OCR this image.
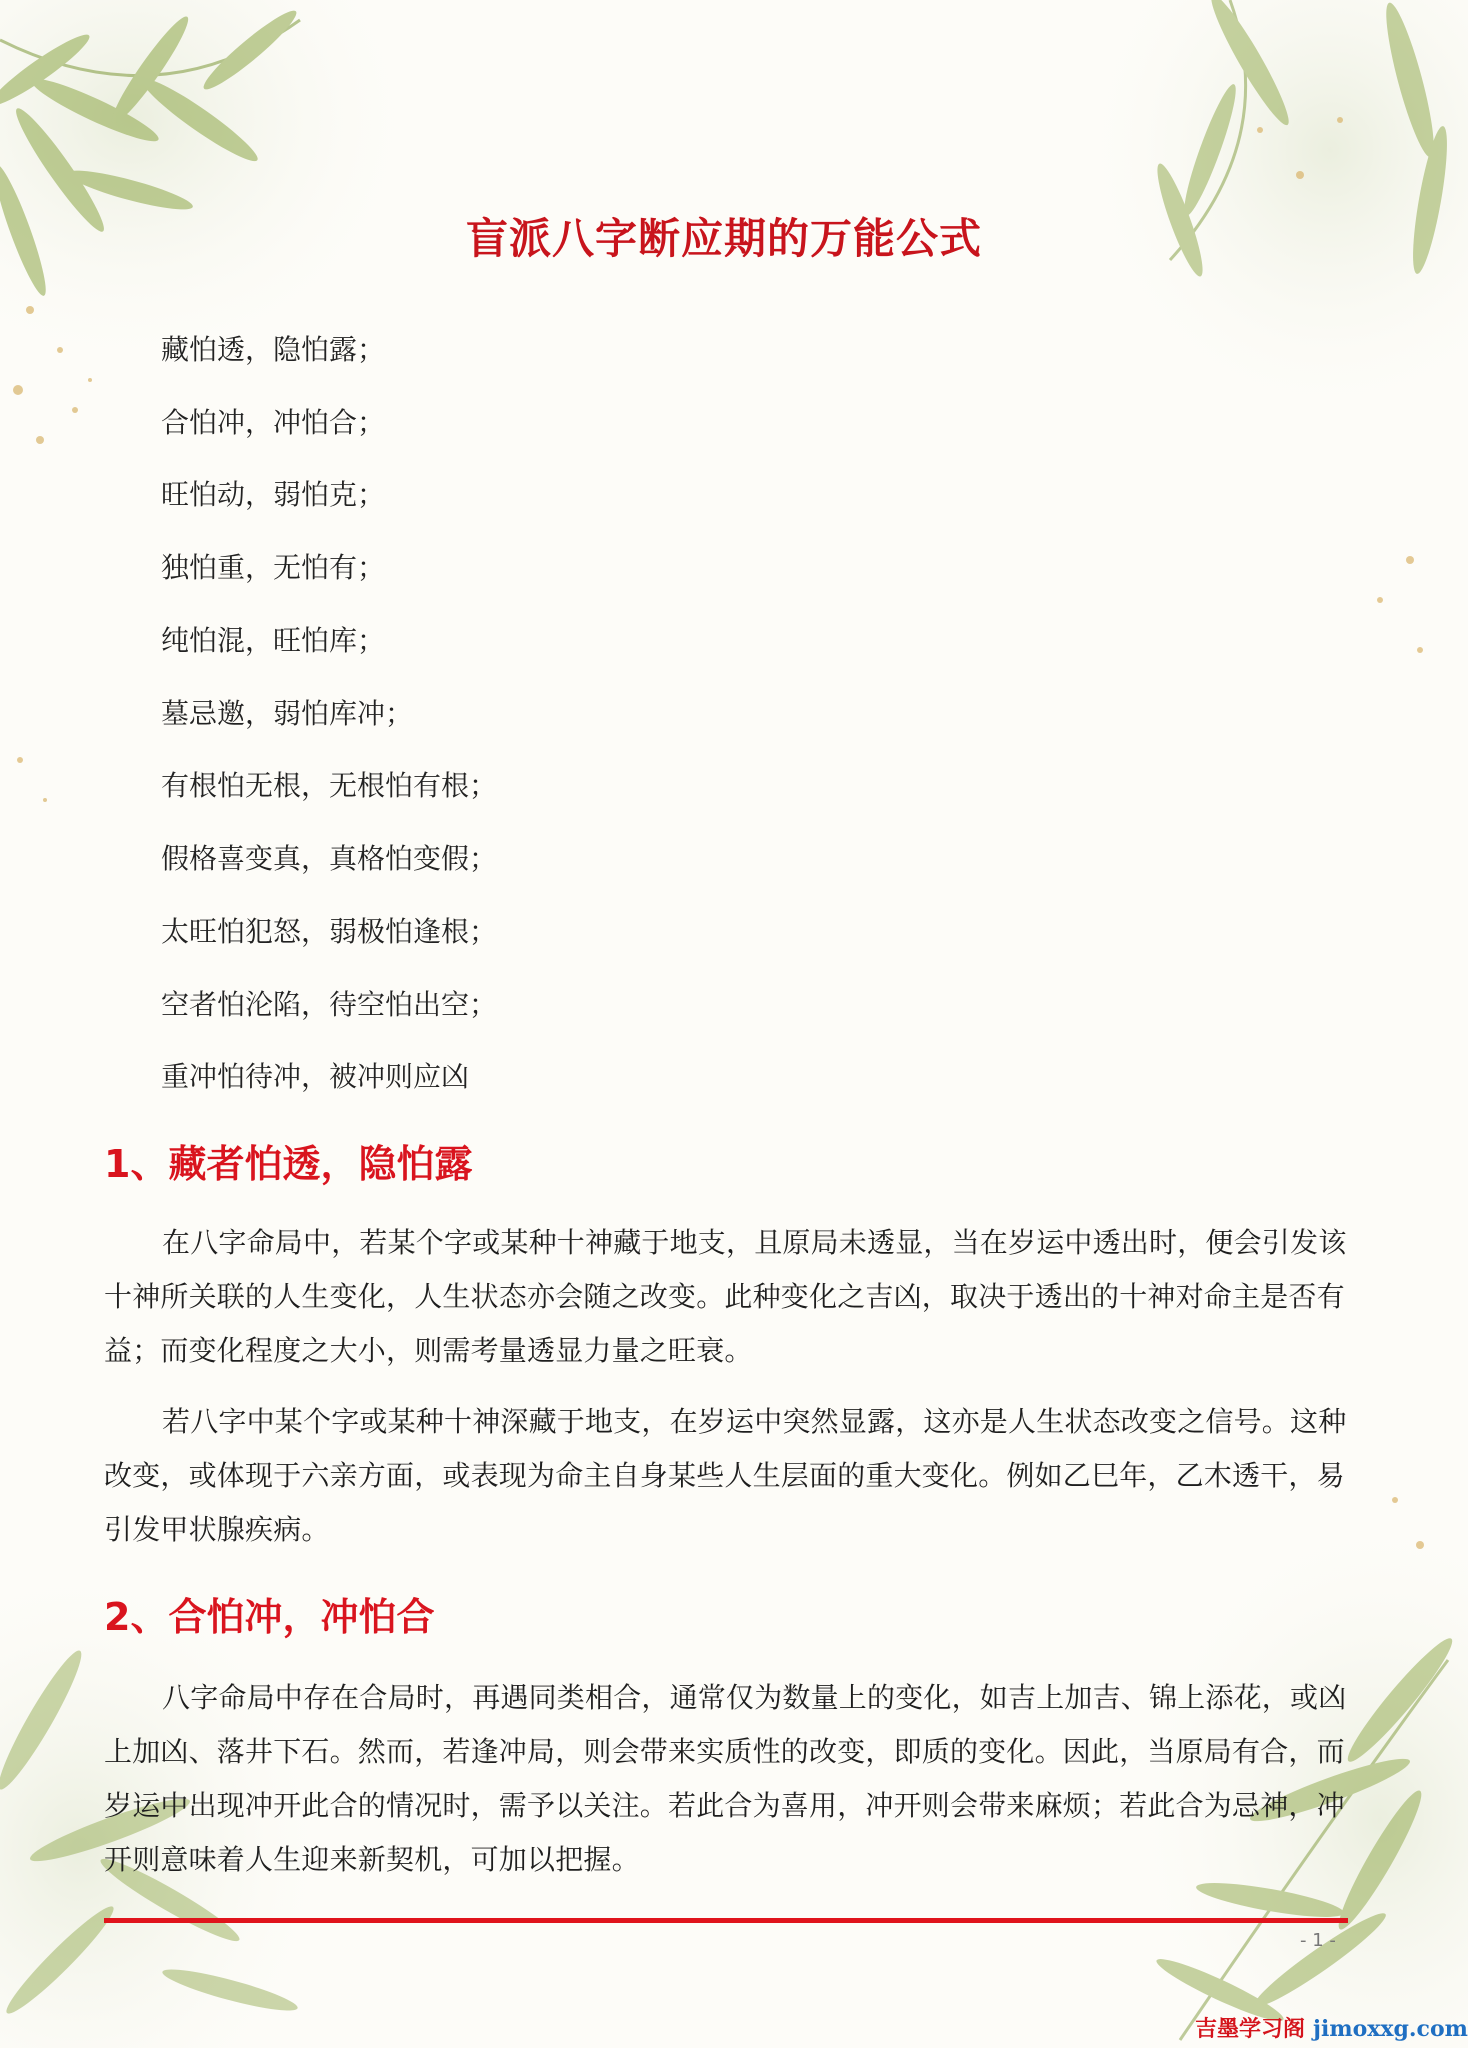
盲派八字断应期的万能公式
藏怕透，隐怕露；
合怕冲，冲怕合；
旺怕动，弱怕克；
独怕重，无怕有；
纯怕混，旺怕库；
墓忌邀，弱怕库冲；
有根怕无根，无根怕有根；
假格喜变真，真格怕变假；
太旺怕犯怒，弱极怕逢根；
空者怕沦陷，待空怕出空；
重冲怕待冲，被冲则应凶
1、藏者怕透，隐怕露

在八字命局中，若某个字或某种十神藏于地支，且原局未透显，当在岁运中透出时，便会引发该十神所关联的人生变化，人生状态亦会随之改变。此种变化之吉凶，取决于透出的十神对命主是否有益；而变化程度之大小，则需考量透显力量之旺衰。

若八字中某个字或某种十神深藏于地支，在岁运中突然显露，这亦是人生状态改变之信号。这种改变，或体现于六亲方面，或表现为命主自身某些人生层面的重大变化。例如乙巳年，乙木透干，易引发甲状腺疾病。

2、合怕冲，冲怕合

八字命局中存在合局时，再遇同类相合，通常仅为数量上的变化，如吉上加吉、锦上添花，或凶上加凶、落井下石。然而，若逢冲局，则会带来实质性的改变，即质的变化。因此，当原局有合，而岁运中出现冲开此合的情况时，需予以关注。若此合为喜用，冲开则会带来麻烦；若此合为忌神，冲开则意味着人生迎来新契机，可加以把握。

- 1 -
吉墨学习阁 jimoxxg.com
